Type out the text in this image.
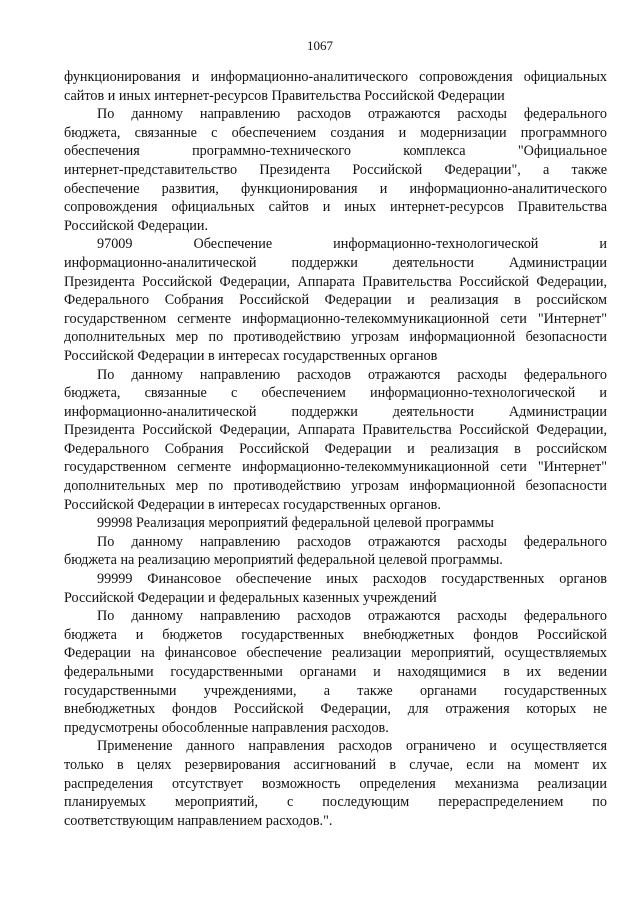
1067
функционирования и информационно-аналитического сопровождения официальных
сайтов и иных интернет-ресурсов Правительства Российской Федерации
По данному направлению расходов отражаются расходы федерального
бюджета, связанные с обеспечением создания и модернизации программного
обеспечения программно-технического комплекса "Официальное
интернет-представительство Президента Российской Федерации", а также
обеспечение развития, функционирования и информационно-аналитического
сопровождения официальных сайтов и иных интернет-ресурсов Правительства
Российской Федерации.
97009 Обеспечение информационно-технологической и
информационно-аналитической поддержки деятельности Администрации
Президента Российской Федерации, Аппарата Правительства Российской Федерации,
Федерального Собрания Российской Федерации и реализация в российском
государственном сегменте информационно-телекоммуникационной сети "Интернет"
дополнительных мер по противодействию угрозам информационной безопасности
Российской Федерации в интересах государственных органов
По данному направлению расходов отражаются расходы федерального
бюджета, связанные с обеспечением информационно-технологической и
информационно-аналитической поддержки деятельности Администрации
Президента Российской Федерации, Аппарата Правительства Российской Федерации,
Федерального Собрания Российской Федерации и реализация в российском
государственном сегменте информационно-телекоммуникационной сети "Интернет"
дополнительных мер по противодействию угрозам информационной безопасности
Российской Федерации в интересах государственных органов.
99998 Реализация мероприятий федеральной целевой программы
По данному направлению расходов отражаются расходы федерального
бюджета на реализацию мероприятий федеральной целевой программы.
99999 Финансовое обеспечение иных расходов государственных органов
Российской Федерации и федеральных казенных учреждений
По данному направлению расходов отражаются расходы федерального
бюджета и бюджетов государственных внебюджетных фондов Российской
Федерации на финансовое обеспечение реализации мероприятий, осуществляемых
федеральными государственными органами и находящимися в их ведении
государственными учреждениями, а также органами государственных
внебюджетных фондов Российской Федерации, для отражения которых не
предусмотрены обособленные направления расходов.
Применение данного направления расходов ограничено и осуществляется
только в целях резервирования ассигнований в случае, если на момент их
распределения отсутствует возможность определения механизма реализации
планируемых мероприятий, с последующим перераспределением по
соответствующим направлением расходов.".
